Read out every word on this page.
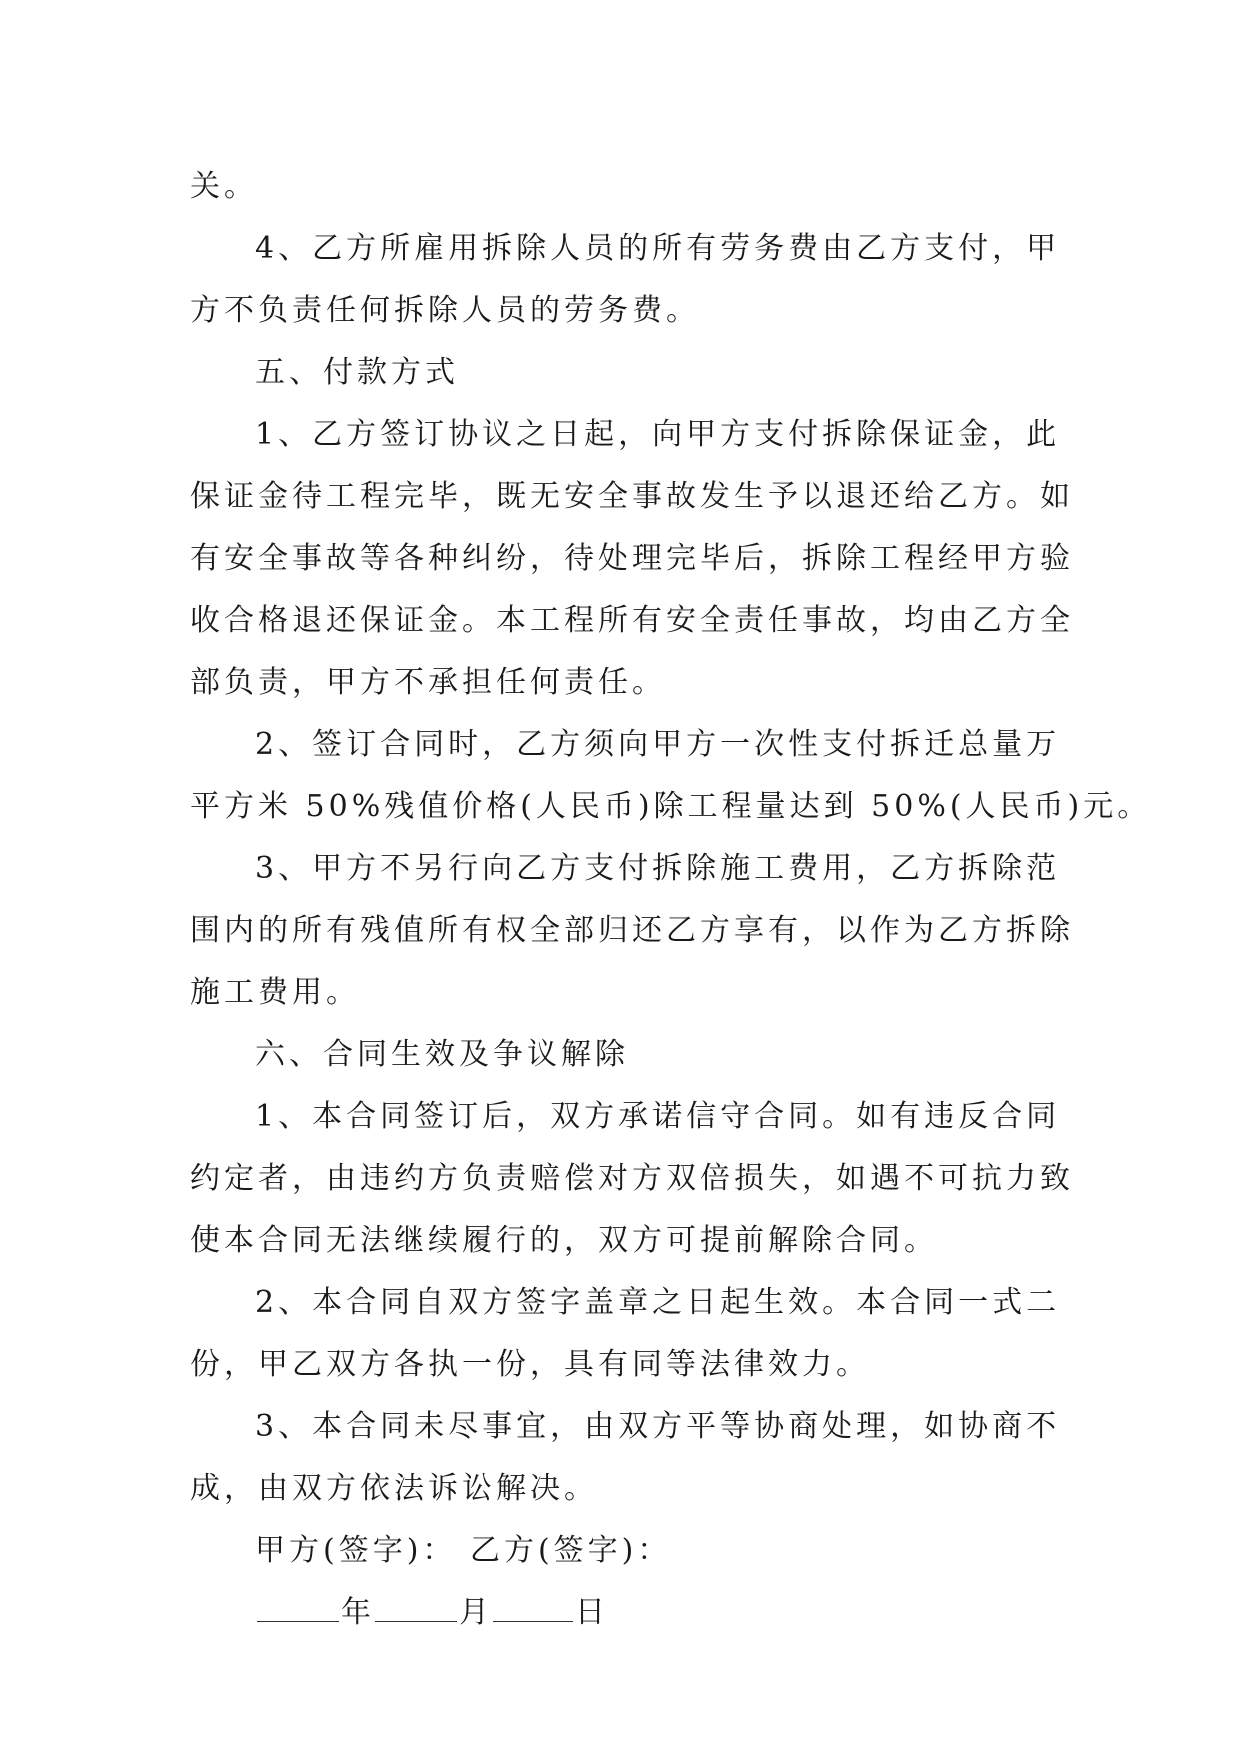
关。
4、乙方所雇用拆除人员的所有劳务费由乙方支付，甲
方不负责任何拆除人员的劳务费。
五、付款方式
1、乙方签订协议之日起，向甲方支付拆除保证金，此
保证金待工程完毕，既无安全事故发生予以退还给乙方。如
有安全事故等各种纠纷，待处理完毕后，拆除工程经甲方验
收合格退还保证金。本工程所有安全责任事故，均由乙方全
部负责，甲方不承担任何责任。
2、签订合同时，乙方须向甲方一次性支付拆迁总量万
平方米 50%残值价格(人民币)除工程量达到 50%(人民币)元。
3、甲方不另行向乙方支付拆除施工费用，乙方拆除范
围内的所有残值所有权全部归还乙方享有，以作为乙方拆除
施工费用。
六、合同生效及争议解除
1、本合同签订后，双方承诺信守合同。如有违反合同
约定者，由违约方负责赔偿对方双倍损失，如遇不可抗力致
使本合同无法继续履行的，双方可提前解除合同。
2、本合同自双方签字盖章之日起生效。本合同一式二
份，甲乙双方各执一份，具有同等法律效力。
3、本合同未尽事宜，由双方平等协商处理，如协商不
成，由双方依法诉讼解决。
甲方(签字)： 乙方(签字)：
年	月	日
